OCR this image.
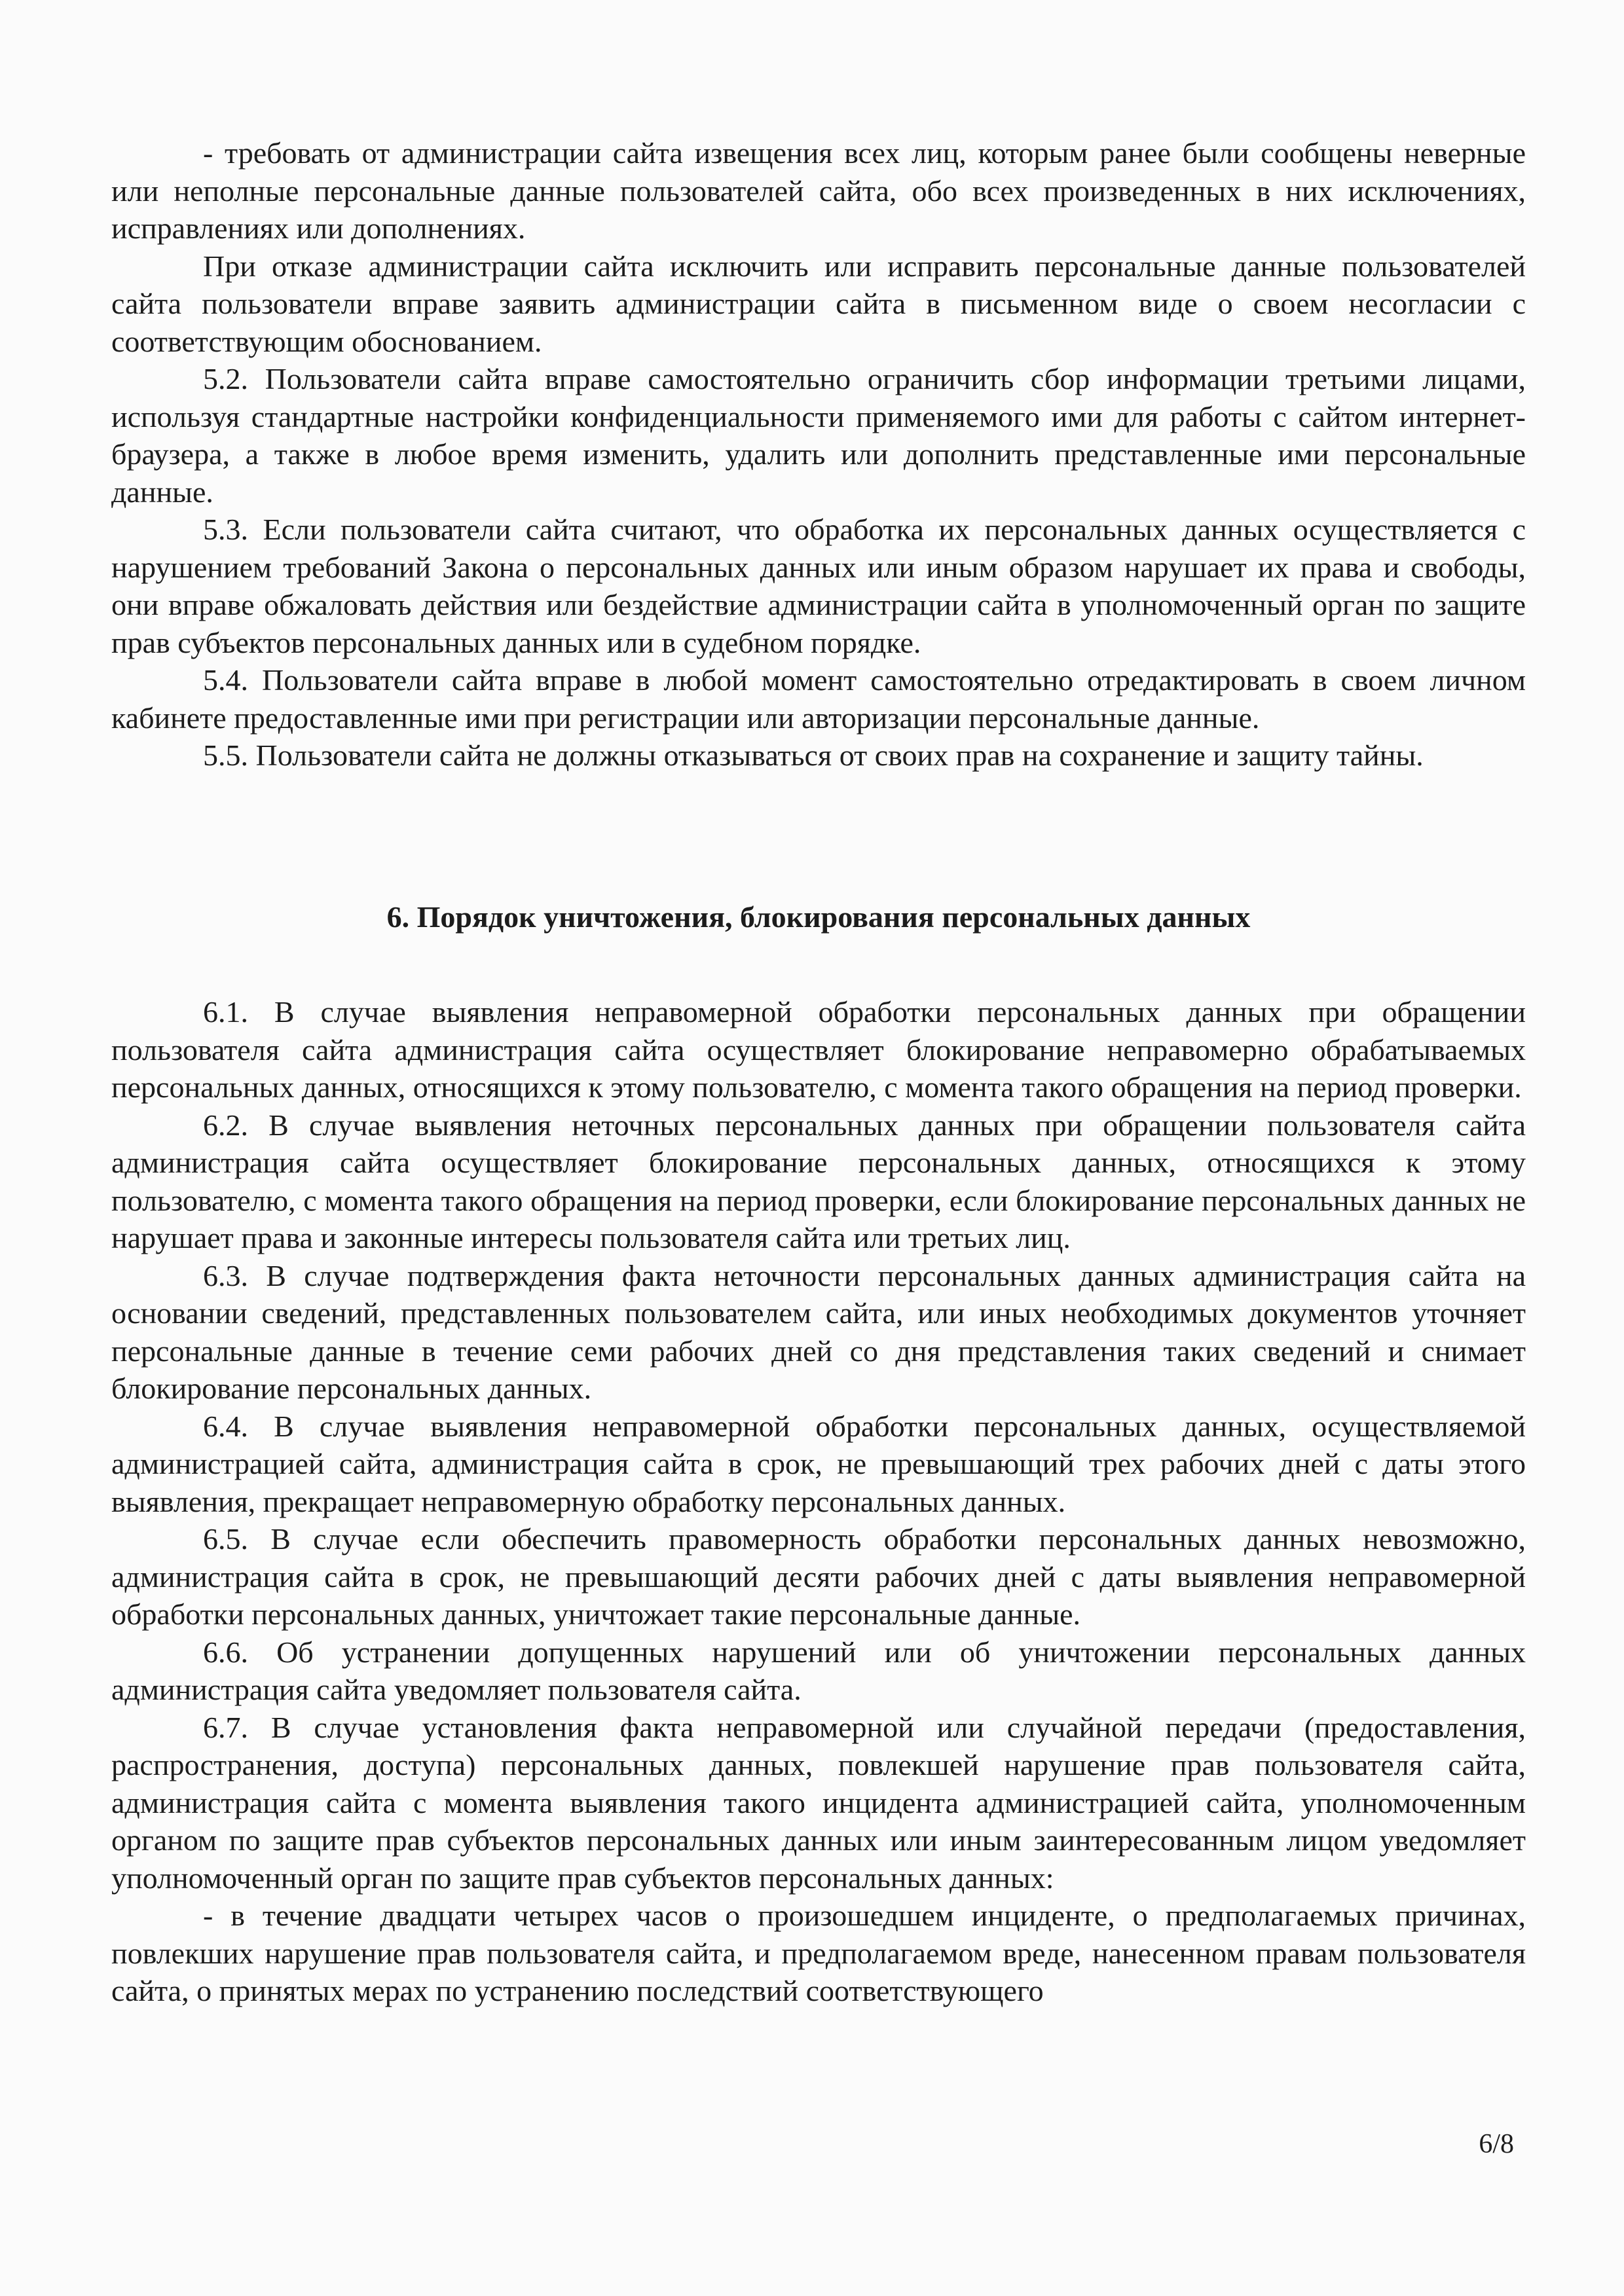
- требовать от администрации сайта извещения всех лиц, которым ранее были сообщены неверные или неполные персональные данные пользователей сайта, обо всех произведенных в них исключениях, исправлениях или дополнениях.

При отказе администрации сайта исключить или исправить персональные данные пользователей сайта пользователи вправе заявить администрации сайта в письменном виде о своем несогласии с соответствующим обоснованием.

5.2. Пользователи сайта вправе самостоятельно ограничить сбор информации третьими лицами, используя стандартные настройки конфиденциальности применяемого ими для работы с сайтом интернет-браузера, а также в любое время изменить, удалить или дополнить представленные ими персональные данные.

5.3. Если пользователи сайта считают, что обработка их персональных данных осуществляется с нарушением требований Закона о персональных данных или иным образом нарушает их права и свободы, они вправе обжаловать действия или бездействие администрации сайта в уполномоченный орган по защите прав субъектов персональных данных или в судебном порядке.

5.4. Пользователи сайта вправе в любой момент самостоятельно отредактировать в своем личном кабинете предоставленные ими при регистрации или авторизации персональные данные.

5.5. Пользователи сайта не должны отказываться от своих прав на сохранение и защиту тайны.

6. Порядок уничтожения, блокирования персональных данных

6.1. В случае выявления неправомерной обработки персональных данных при обращении пользователя сайта администрация сайта осуществляет блокирование неправомерно обрабатываемых персональных данных, относящихся к этому пользователю, с момента такого обращения на период проверки.

6.2. В случае выявления неточных персональных данных при обращении пользователя сайта администрация сайта осуществляет блокирование персональных данных, относящихся к этому пользователю, с момента такого обращения на период проверки, если блокирование персональных данных не нарушает права и законные интересы пользователя сайта или третьих лиц.

6.3. В случае подтверждения факта неточности персональных данных администрация сайта на основании сведений, представленных пользователем сайта, или иных необходимых документов уточняет персональные данные в течение семи рабочих дней со дня представления таких сведений и снимает блокирование персональных данных.

6.4. В случае выявления неправомерной обработки персональных данных, осуществляемой администрацией сайта, администрация сайта в срок, не превышающий трех рабочих дней с даты этого выявления, прекращает неправомерную обработку персональных данных.

6.5. В случае если обеспечить правомерность обработки персональных данных невозможно, администрация сайта в срок, не превышающий десяти рабочих дней с даты выявления неправомерной обработки персональных данных, уничтожает такие персональные данные.

6.6. Об устранении допущенных нарушений или об уничтожении персональных данных администрация сайта уведомляет пользователя сайта.

6.7. В случае установления факта неправомерной или случайной передачи (предоставления, распространения, доступа) персональных данных, повлекшей нарушение прав пользователя сайта, администрация сайта с момента выявления такого инцидента администрацией сайта, уполномоченным органом по защите прав субъектов персональных данных или иным заинтересованным лицом уведомляет уполномоченный орган по защите прав субъектов персональных данных:

- в течение двадцати четырех часов о произошедшем инциденте, о предполагаемых причинах, повлекших нарушение прав пользователя сайта, и предполагаемом вреде, нанесенном правам пользователя сайта, о принятых мерах по устранению последствий соответствующего

6/8
